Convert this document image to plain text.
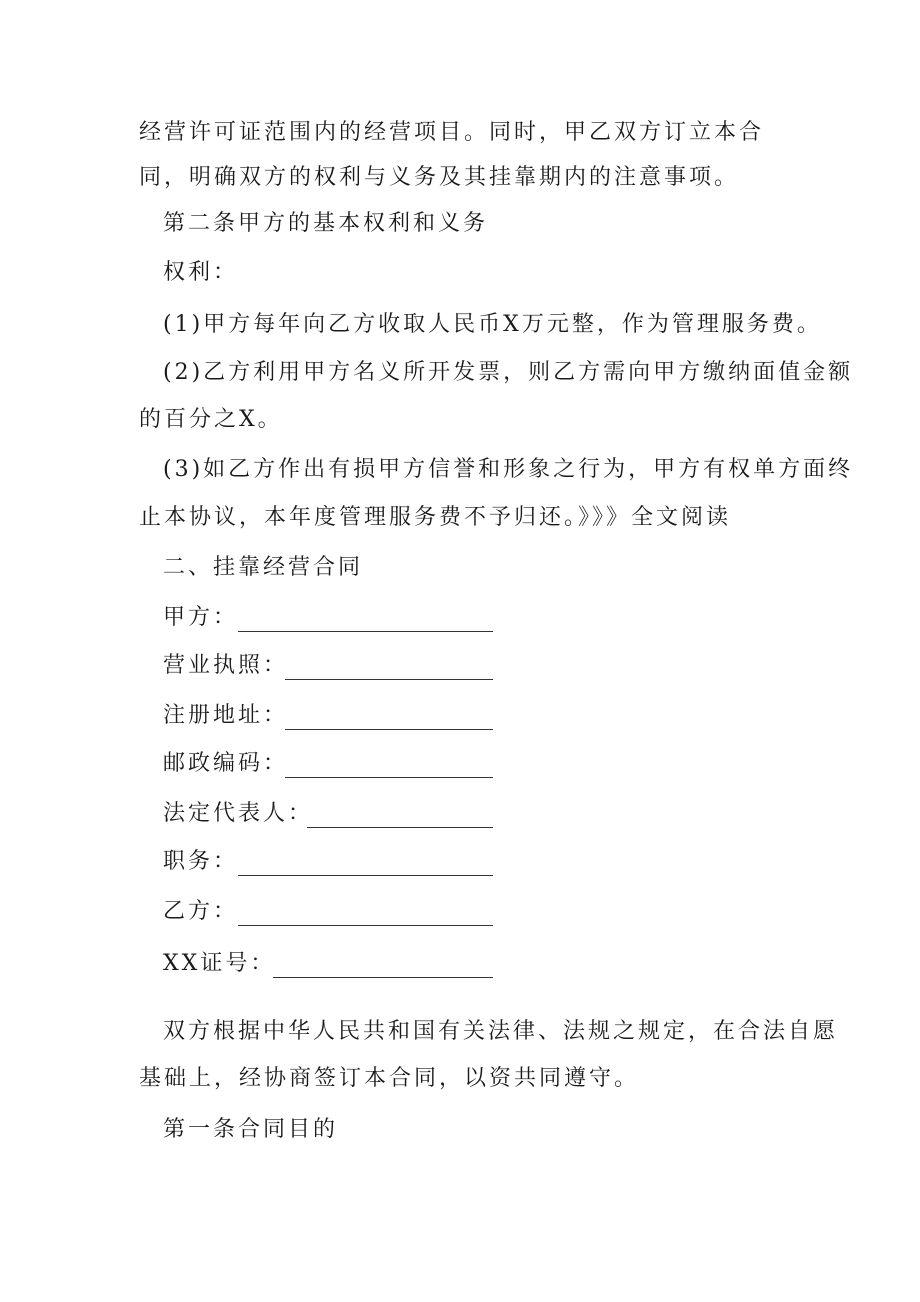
经营许可证范围内的经营项目。同时，甲乙双方订立本合
同，明确双方的权利与义务及其挂靠期内的注意事项。
第二条甲方的基本权利和义务
权利：
(1)甲方每年向乙方收取人民币X万元整，作为管理服务费。
(2)乙方利用甲方名义所开发票，则乙方需向甲方缴纳面值金额
的百分之X。
(3)如乙方作出有损甲方信誉和形象之行为，甲方有权单方面终
止本协议，本年度管理服务费不予归还。》》》全文阅读
二、挂靠经营合同
甲方：
营业执照：
注册地址：
邮政编码：
法定代表人：
职务：
乙方：
XX证号：
双方根据中华人民共和国有关法律、法规之规定，在合法自愿
基础上，经协商签订本合同，以资共同遵守。
第一条合同目的
